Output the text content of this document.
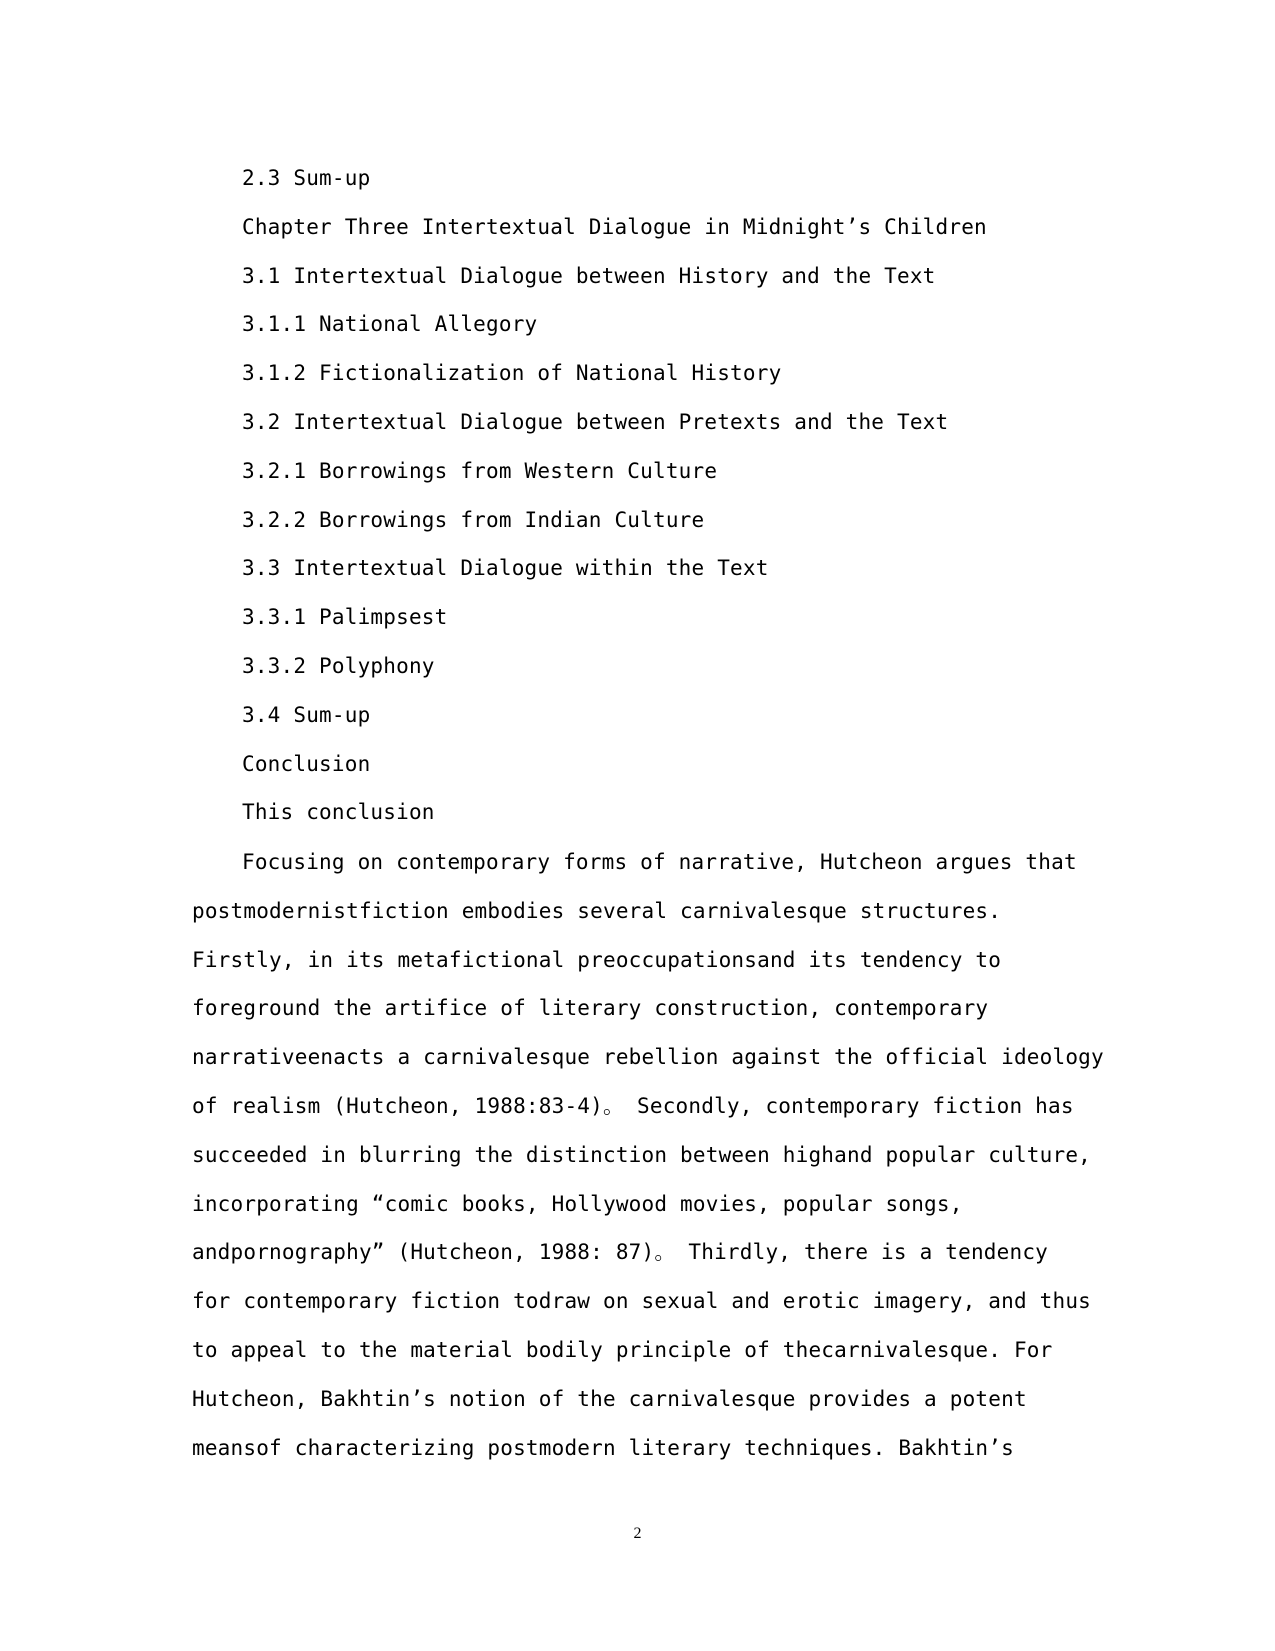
2.3 Sum-up
Chapter Three Intertextual Dialogue in Midnight’s Children
3.1 Intertextual Dialogue between History and the Text
3.1.1 National Allegory
3.1.2 Fictionalization of National History
3.2 Intertextual Dialogue between Pretexts and the Text
3.2.1 Borrowings from Western Culture
3.2.2 Borrowings from Indian Culture
3.3 Intertextual Dialogue within the Text
3.3.1 Palimpsest
3.3.2 Polyphony
3.4 Sum-up
Conclusion
This conclusion
Focusing on contemporary forms of narrative, Hutcheon argues that
postmodernistfiction embodies several carnivalesque structures.
Firstly, in its metafictional preoccupationsand its tendency to
foreground the artifice of literary construction, contemporary
narrativeenacts a carnivalesque rebellion against the official ideology
of realism (Hutcheon, 1988:83-4)。 Secondly, contemporary fiction has
succeeded in blurring the distinction between highand popular culture,
incorporating “comic books, Hollywood movies, popular songs,
andpornography” (Hutcheon, 1988: 87)。 Thirdly, there is a tendency
for contemporary fiction todraw on sexual and erotic imagery, and thus
to appeal to the material bodily principle of thecarnivalesque. For
Hutcheon, Bakhtin’s notion of the carnivalesque provides a potent
meansof characterizing postmodern literary techniques. Bakhtin’s
2
